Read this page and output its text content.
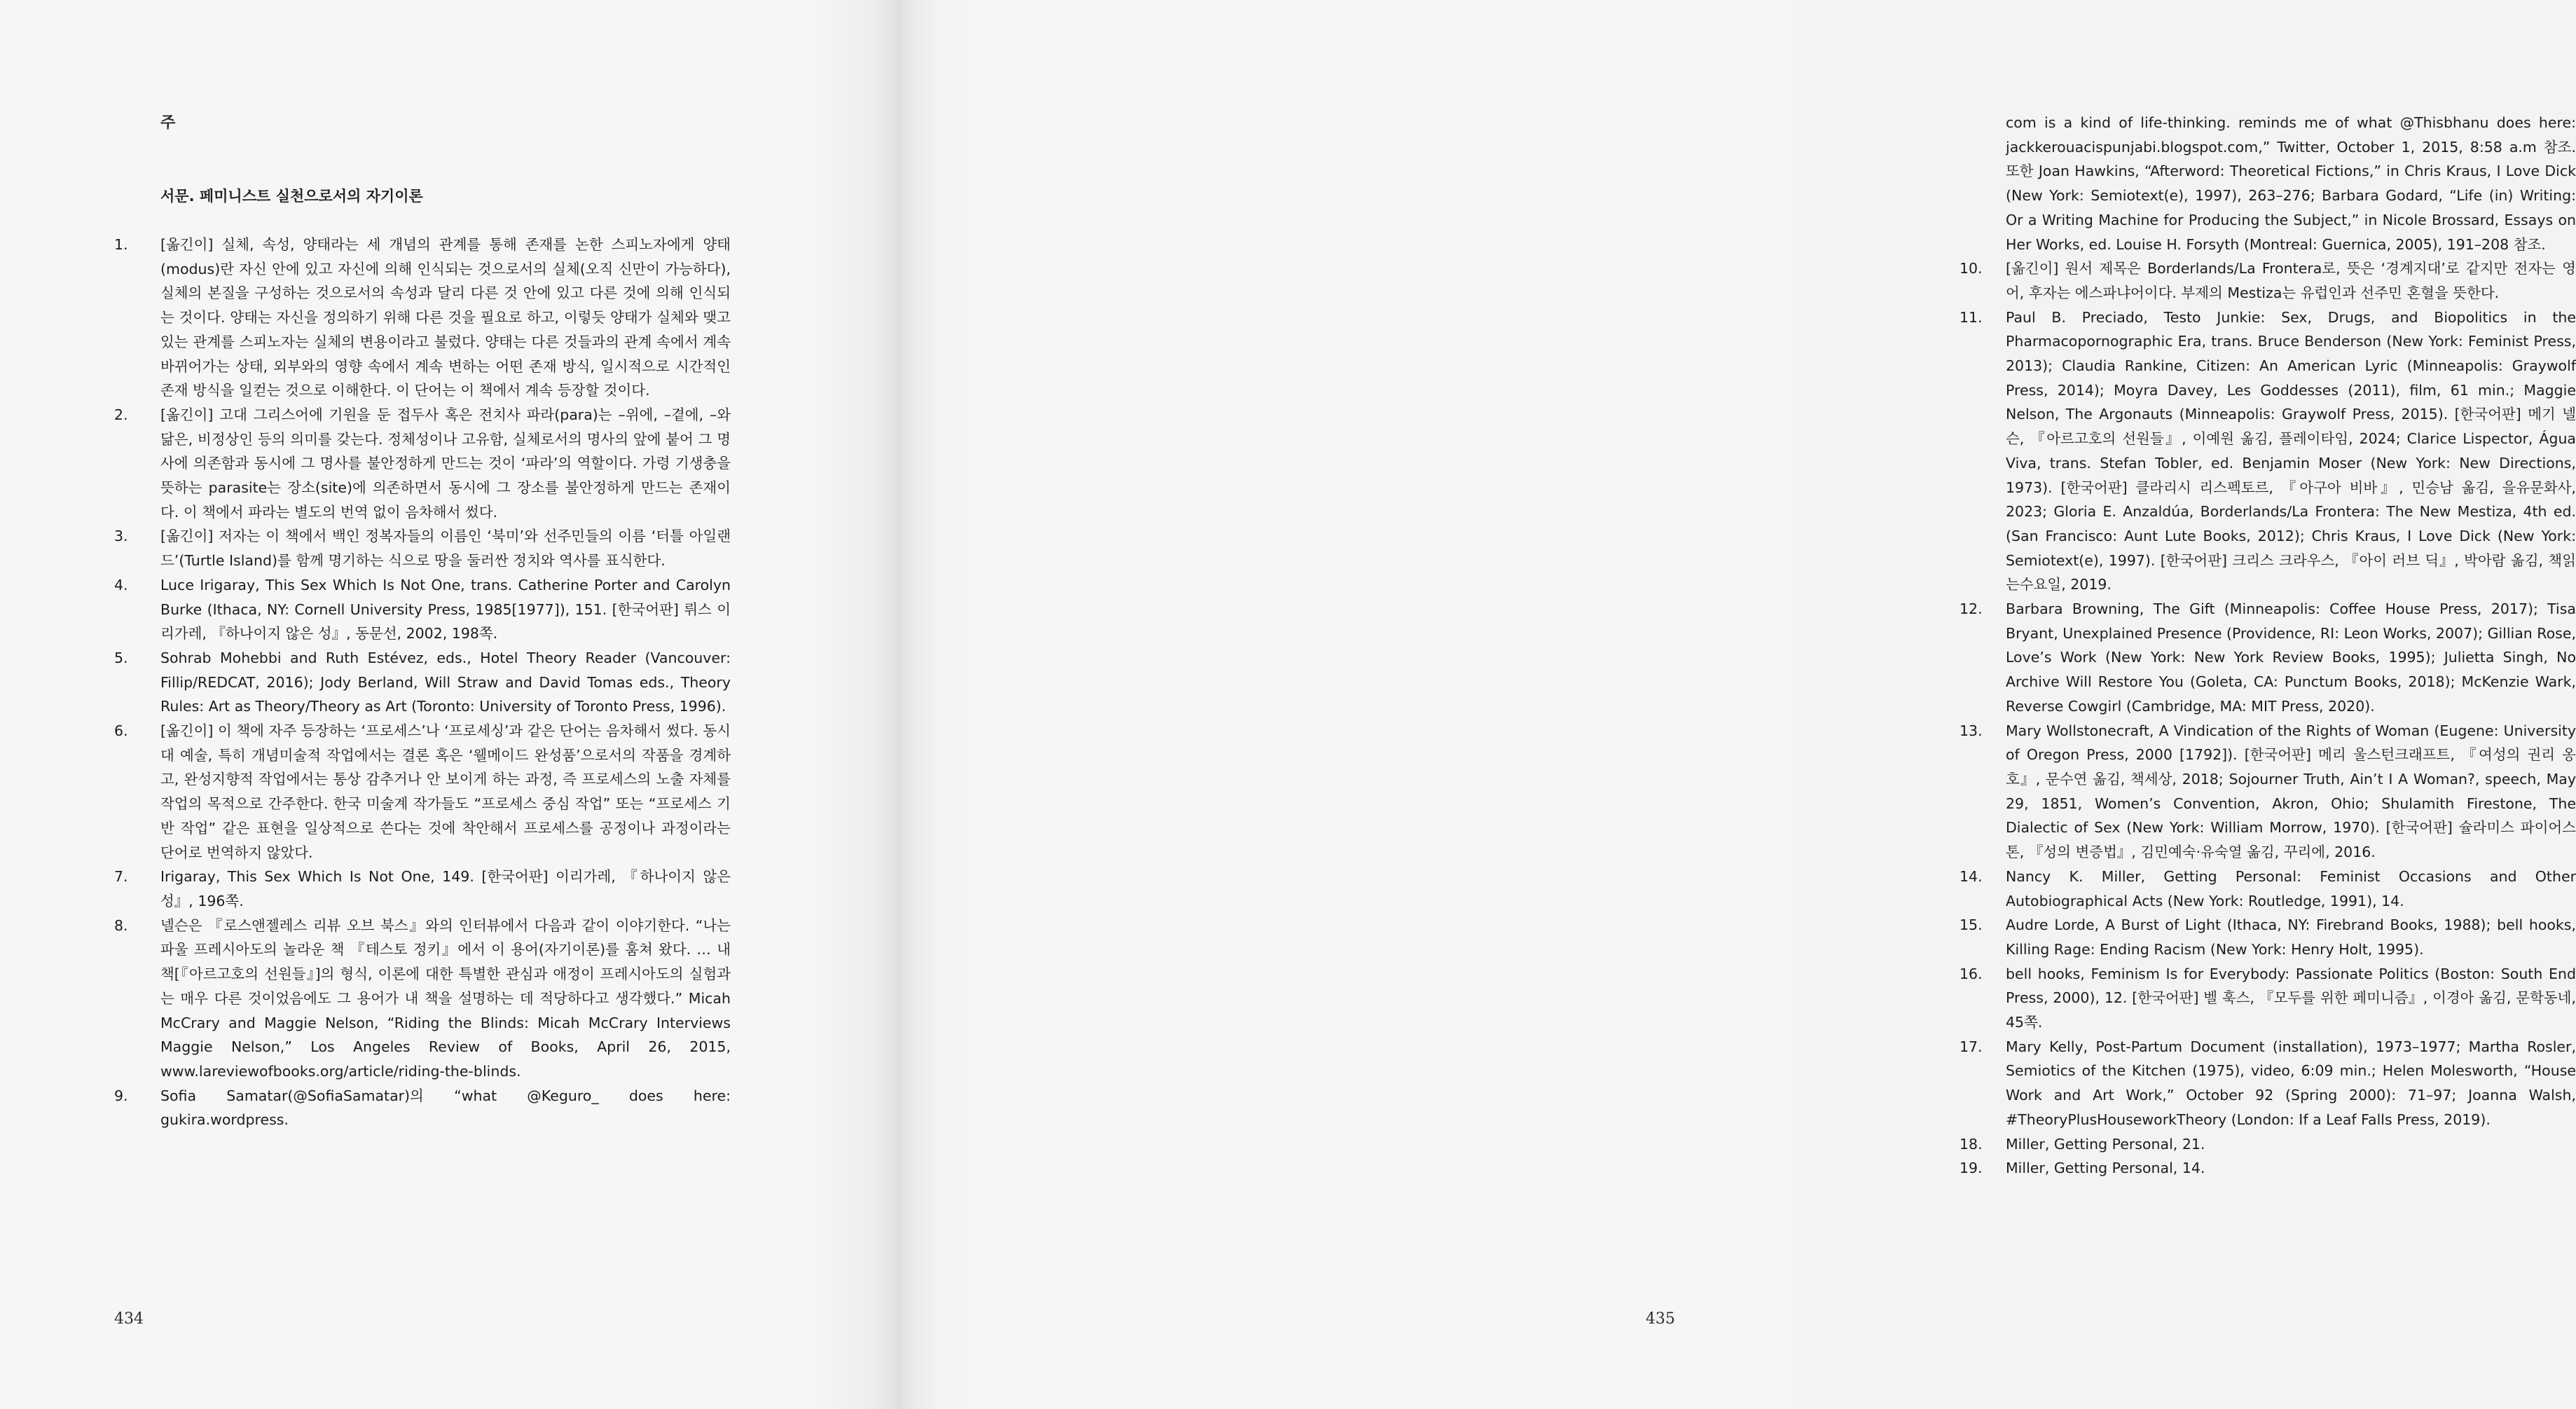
주
서문. 페미니스트 실천으로서의 자기이론
1.	[옮긴이] 실체, 속성, 양태라는 세 개념의 관계를 통해 존재를 논한 스피노자에게 양태(modus)란 자신 안에 있고 자신에 의해 인식되는 것으로서의 실체(오직 신만이 가능하다), 실체의 본질을 구성하는 것으로서의 속성과 달리 다른 것 안에 있고 다른 것에 의해 인식되는 것이다. 양태는 자신을 정의하기 위해 다른 것을 필요로 하고, 이렇듯 양태가 실체와 맺고 있는 관계를 스피노자는 실체의 변용이라고 불렀다. 양태는 다른 것들과의 관계 속에서 계속 바뀌어가는 상태, 외부와의 영향 속에서 계속 변하는 어떤 존재 방식, 일시적으로 시간적인 존재 방식을 일컫는 것으로 이해한다. 이 단어는 이 책에서 계속 등장할 것이다.
2.	[옮긴이] 고대 그리스어에 기원을 둔 접두사 혹은 전치사 파라(para)는 –위에, –곁에, –와 닮은, 비정상인 등의 의미를 갖는다. 정체성이나 고유함, 실체로서의 명사의 앞에 붙어 그 명사에 의존함과 동시에 그 명사를 불안정하게 만드는 것이 ‘파라’의 역할이다. 가령 기생충을 뜻하는 parasite는 장소(site)에 의존하면서 동시에 그 장소를 불안정하게 만드는 존재이다. 이 책에서 파라는 별도의 번역 없이 음차해서 썼다.
3.	[옮긴이] 저자는 이 책에서 백인 정복자들의 이름인 ‘북미’와 선주민들의 이름 ‘터틀 아일랜드’(Turtle Island)를 함께 명기하는 식으로 땅을 둘러싼 정치와 역사를 표식한다.
4.	Luce Irigaray, This Sex Which Is Not One, trans. Catherine Porter and Carolyn Burke (Ithaca, NY: Cornell University Press, 1985[1977]), 151. [한국어판] 뤼스 이리가레, 『하나이지 않은 성』, 동문선, 2002, 198쪽.
5.	Sohrab Mohebbi and Ruth Estévez, eds., Hotel Theory Reader (Vancouver: Fillip/REDCAT, 2016); Jody Berland, Will Straw and David Tomas eds., Theory Rules: Art as Theory/Theory as Art (Toronto: University of Toronto Press, 1996).
6.	[옮긴이] 이 책에 자주 등장하는 ‘프로세스’나 ‘프로세싱’과 같은 단어는 음차해서 썼다. 동시대 예술, 특히 개념미술적 작업에서는 결론 혹은 ‘웰메이드 완성품’으로서의 작품을 경계하고, 완성지향적 작업에서는 통상 감추거나 안 보이게 하는 과정, 즉 프로세스의 노출 자체를 작업의 목적으로 간주한다. 한국 미술계 작가들도 “프로세스 중심 작업” 또는 “프로세스 기반 작업” 같은 표현을 일상적으로 쓴다는 것에 착안해서 프로세스를 공정이나 과정이라는 단어로 번역하지 않았다.
7.	Irigaray, This Sex Which Is Not One, 149. [한국어판] 이리가레, 『하나이지 않은 성』, 196쪽.
8.	넬슨은 『로스앤젤레스 리뷰 오브 북스』와의 인터뷰에서 다음과 같이 이야기한다. “나는 파울 프레시아도의 놀라운 책 『테스토 정키』에서 이 용어(자기이론)를 훔쳐 왔다. … 내 책[『아르고호의 선원들』]의 형식, 이론에 대한 특별한 관심과 애정이 프레시아도의 실험과는 매우 다른 것이었음에도 그 용어가 내 책을 설명하는 데 적당하다고 생각했다.” Micah McCrary and Maggie Nelson, “Riding the Blinds: Micah McCrary Interviews Maggie Nelson,” Los Angeles Review of Books, April 26, 2015, www.lareviewofbooks.org/article/riding-the-blinds.
9.	Sofia Samatar(@SofiaSamatar)의 “what @Keguro_ does here: gukira.wordpress.
434
com is a kind of life-thinking. reminds me of what @Thisbhanu does here: jackkerouacispunjabi.blogspot.com,” Twitter, October 1, 2015, 8:58 a.m 참조. 또한 Joan Hawkins, “Afterword: Theoretical Fictions,” in Chris Kraus, I Love Dick (New York: Semiotext(e), 1997), 263–276; Barbara Godard, “Life (in) Writing: Or a Writing Machine for Producing the Subject,” in Nicole Brossard, Essays on Her Works, ed. Louise H. Forsyth (Montreal: Guernica, 2005), 191–208 참조.
10.	[옮긴이] 원서 제목은 Borderlands/La Frontera로, 뜻은 ‘경계지대’로 같지만 전자는 영어, 후자는 에스파냐어이다. 부제의 Mestiza는 유럽인과 선주민 혼혈을 뜻한다.
11.	Paul B. Preciado, Testo Junkie: Sex, Drugs, and Biopolitics in the Pharmacopornographic Era, trans. Bruce Benderson (New York: Feminist Press, 2013); Claudia Rankine, Citizen: An American Lyric (Minneapolis: Graywolf Press, 2014); Moyra Davey, Les Goddesses (2011), film, 61 min.; Maggie Nelson, The Argonauts (Minneapolis: Graywolf Press, 2015). [한국어판] 메기 넬슨, 『아르고호의 선원들』, 이예원 옮김, 플레이타임, 2024; Clarice Lispector, Água Viva, trans. Stefan Tobler, ed. Benjamin Moser (New York: New Directions, 1973). [한국어판] 클라리시 리스펙토르, 『아구아 비바』, 민승남 옮김, 을유문화사, 2023; Gloria E. Anzaldúa, Borderlands/La Frontera: The New Mestiza, 4th ed. (San Francisco: Aunt Lute Books, 2012); Chris Kraus, I Love Dick (New York: Semiotext(e), 1997). [한국어판] 크리스 크라우스, 『아이 러브 딕』, 박아람 옮김, 책읽는수요일, 2019.
12.	Barbara Browning, The Gift (Minneapolis: Coffee House Press, 2017); Tisa Bryant, Unexplained Presence (Providence, RI: Leon Works, 2007); Gillian Rose, Love’s Work (New York: New York Review Books, 1995); Julietta Singh, No Archive Will Restore You (Goleta, CA: Punctum Books, 2018); McKenzie Wark, Reverse Cowgirl (Cambridge, MA: MIT Press, 2020).
13.	Mary Wollstonecraft, A Vindication of the Rights of Woman (Eugene: University of Oregon Press, 2000 [1792]). [한국어판] 메리 울스턴크래프트, 『여성의 권리 옹호』, 문수연 옮김, 책세상, 2018; Sojourner Truth, Ain’t I A Woman?, speech, May 29, 1851, Women’s Convention, Akron, Ohio; Shulamith Firestone, The Dialectic of Sex (New York: William Morrow, 1970). [한국어판] 슐라미스 파이어스톤, 『성의 변증법』, 김민예숙·유숙열 옮김, 꾸리에, 2016.
14.	Nancy K. Miller, Getting Personal: Feminist Occasions and Other Autobiographical Acts (New York: Routledge, 1991), 14.
15.	Audre Lorde, A Burst of Light (Ithaca, NY: Firebrand Books, 1988); bell hooks, Killing Rage: Ending Racism (New York: Henry Holt, 1995).
16.	bell hooks, Feminism Is for Everybody: Passionate Politics (Boston: South End Press, 2000), 12. [한국어판] 벨 훅스, 『모두를 위한 페미니즘』, 이경아 옮김, 문학동네, 45쪽.
17.	Mary Kelly, Post-Partum Document (installation), 1973–1977; Martha Rosler, Semiotics of the Kitchen (1975), video, 6:09 min.; Helen Molesworth, “House Work and Art Work,” October 92 (Spring 2000): 71–97; Joanna Walsh, #TheoryPlusHouseworkTheory (London: If a Leaf Falls Press, 2019).
18.	Miller, Getting Personal, 21.
19.	Miller, Getting Personal, 14.
435
